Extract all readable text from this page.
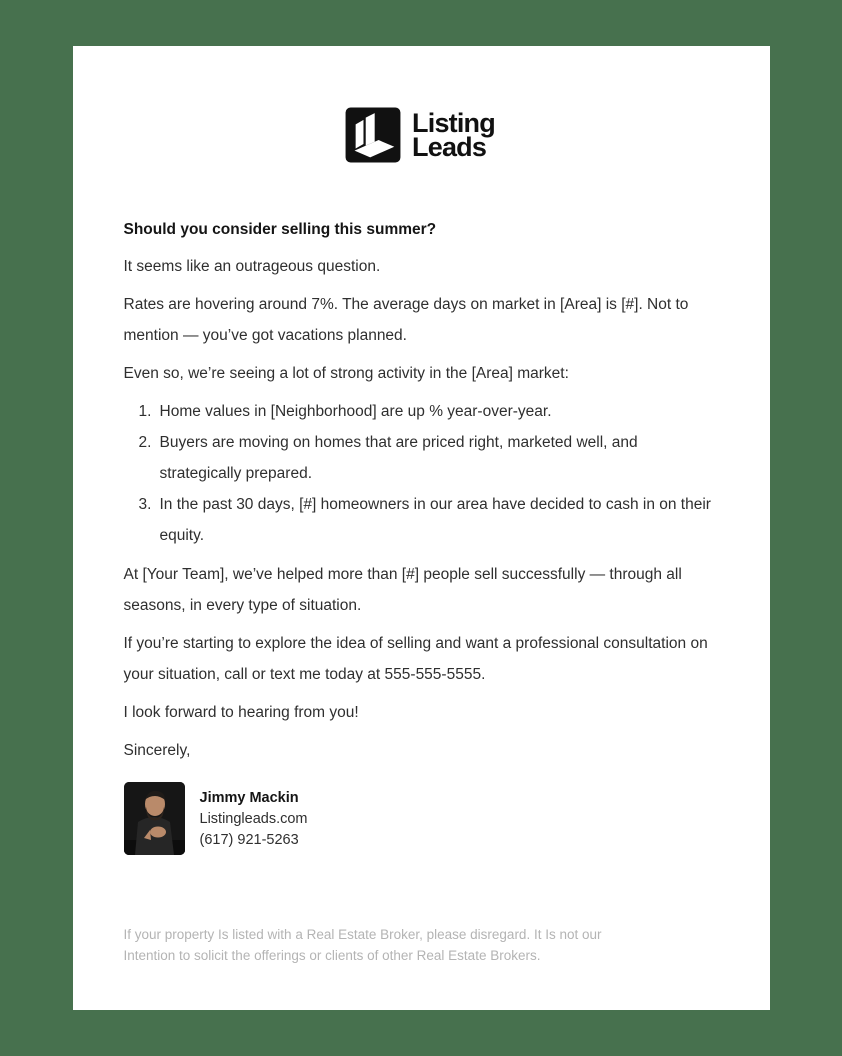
Listing
Leads
Should you consider selling this summer?

It seems like an outrageous question.

Rates are hovering around 7%. The average days on market in [Area] is [#]. Not to mention — you’ve got vacations planned.

Even so, we’re seeing a lot of strong activity in the [Area] market:

Home values in [Neighborhood] are up % year-over-year.
Buyers are moving on homes that are priced right, marketed well, and strategically prepared.
In the past 30 days, [#] homeowners in our area have decided to cash in on their equity.

At [Your Team], we’ve helped more than [#] people sell successfully — through all seasons, in every type of situation.

If you’re starting to explore the idea of selling and want a professional consultation on your situation, call or text me today at 555-555-5555.

I look forward to hearing from you!

Sincerely,

Jimmy Mackin
Listingleads.com
(617) 921-5263
If your property Is listed with a Real Estate Broker, please disregard. It Is not our Intention to solicit the offerings or clients of other Real Estate Brokers.
